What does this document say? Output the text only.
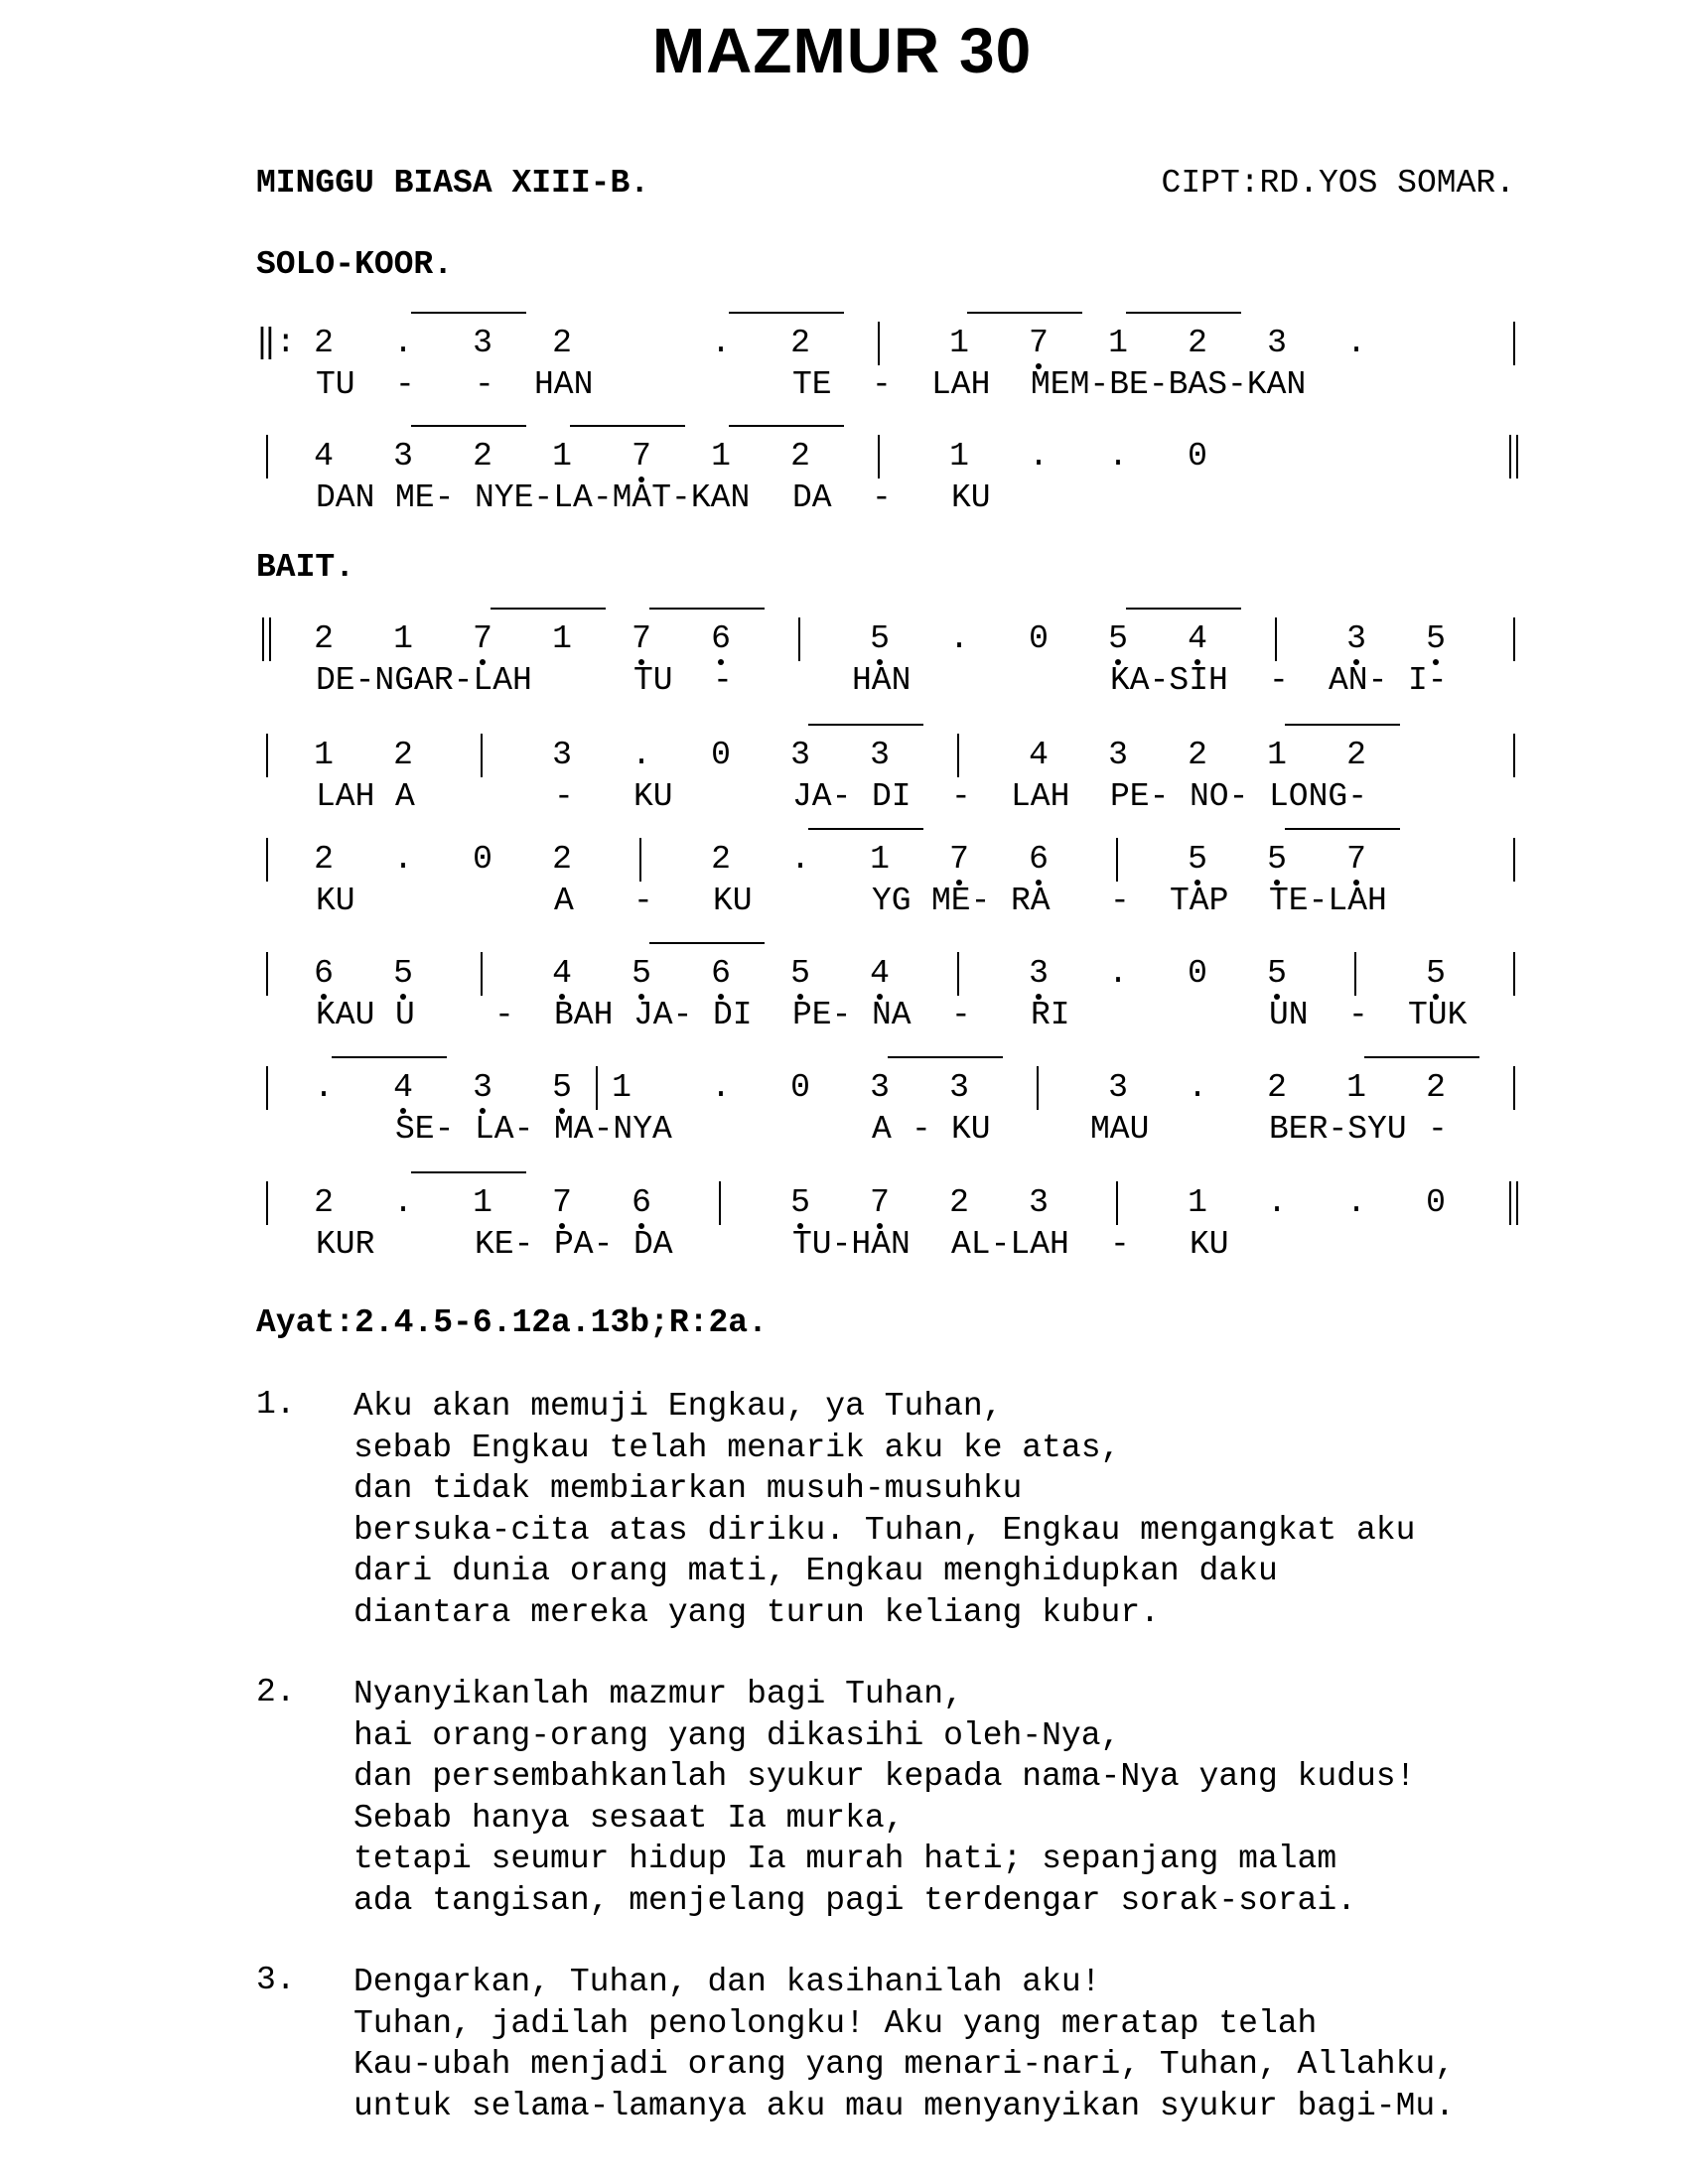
MAZMUR 30
MINGGU BIASA XIII-B.	CIPT:RD.YOS SOMAR.
SOLO-KOOR.
‖: 2	.	3	2	.	2	1	7	1	2	3	.
TU - - HAN	TE - LAH MEM-BE-BAS-KAN
4	3	2	1	7	1	2	1	.	.	0
DAN ME- NYE-LA-MAT-KAN DA - KU
BAIT.
2	1	7	1	7	6	5	.	0	5	4	3	5
DE-NGAR-LAH	TU -	HAN	KA-SIH - AN- I-
1	2	3	.	0	3	3	4	3	2	1	2
LAH A	- KU	JA- DI - LAH PE- NO- LONG-
2	.	0	2	2	.	1	7	6	5	5	7
KU	A - KU	YG ME- RA - TAP TE-LAH
6	5	4	5	6	5	4	3	.	0	5	5
KAU U - BAH JA- DI PE- NA - RI	UN - TUK
.	4	3	5	1	.	0	3	3	3	.	2	1	2
SE- LA- MA-NYA	A - KU	MAU	BER-SYU -
2	.	1	7	6	5	7	2	3	1	.	.	0
KUR	KE- PA- DA	TU-HAN AL-LAH - KU
Ayat:2.4.5-6.12a.13b;R:2a.
1. Aku akan memuji Engkau, ya Tuhan,
sebab Engkau telah menarik aku ke atas,
dan tidak membiarkan musuh-musuhku
bersuka-cita atas diriku. Tuhan, Engkau mengangkat aku
dari dunia orang mati, Engkau menghidupkan daku
diantara mereka yang turun keliang kubur.
2. Nyanyikanlah mazmur bagi Tuhan,
hai orang-orang yang dikasihi oleh-Nya,
dan persembahkanlah syukur kepada nama-Nya yang kudus!
Sebab hanya sesaat Ia murka,
tetapi seumur hidup Ia murah hati; sepanjang malam
ada tangisan, menjelang pagi terdengar sorak-sorai.
3. Dengarkan, Tuhan, dan kasihanilah aku!
Tuhan, jadilah penolongku! Aku yang meratap telah
Kau-ubah menjadi orang yang menari-nari, Tuhan, Allahku,
untuk selama-lamanya aku mau menyanyikan syukur bagi-Mu.
